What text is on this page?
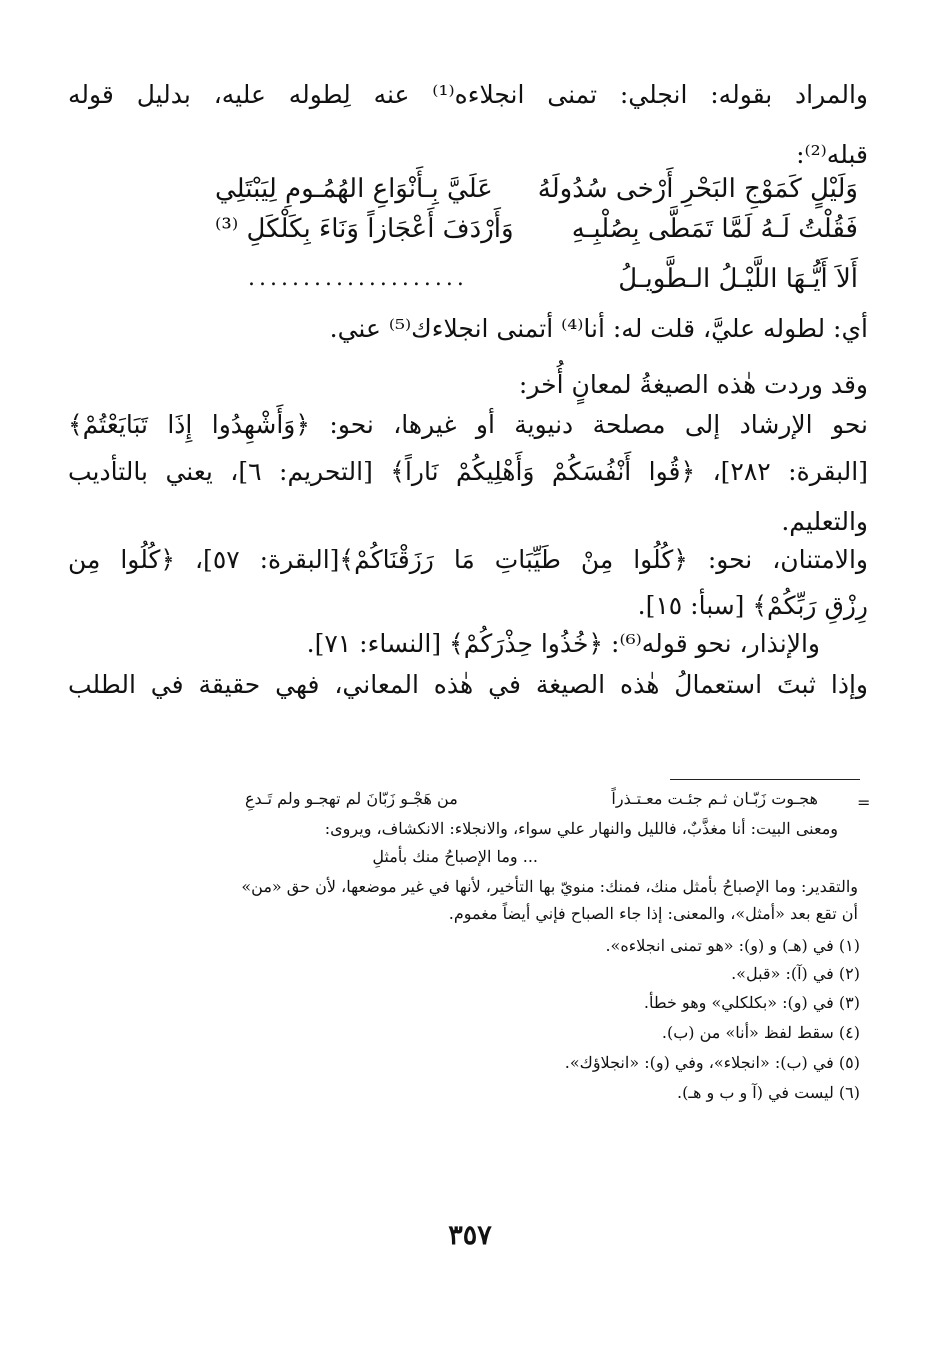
والمراد بقوله: انجلي: تمنى انجلاءه⁽¹⁾ عنه لِطوله عليه، بدليل قوله
قبله⁽²⁾:
وَلَيْلٍ كَمَوْجِ البَحْرِ أَرْخى سُدُولَهُ
عَلَيَّ بِـأَنْوَاعِ الهُمُـومِ لِيَبْتَلِي
فَقُلْتُ لَـهُ لَمَّا تَمَطَّى بِصُلْبِـهِ
وَأَرْدَفَ أَعْجَازاً وَنَاءَ بِكَلْكَلِ ⁽³⁾
أَلاَ أَيُّـهَا اللَّيْـلُ الـطَّويـلُ
....................
أي: لطوله عليَّ، قلت له: أنا⁽⁴⁾ أتمنى انجلاءك⁽⁵⁾ عني.
وقد وردت هٰذه الصيغةُ لمعانٍ أُخر:
نحو الإرشاد إلى مصلحة دنيوية أو غيرها، نحو: ﴿وَأَشْهِدُوا إِذَا تَبَايَعْتُمْ﴾
[البقرة: ٢٨٢]، ﴿قُوا أَنْفُسَكُمْ وَأَهْلِيكُمْ نَاراً﴾ [التحريم: ٦]، يعني بالتأديب
والتعليم.
والامتنان، نحو: ﴿كُلُوا مِنْ طَيِّبَاتِ مَا رَزَقْنَاكُمْ﴾[البقرة: ٥٧]، ﴿كُلُوا مِن
رِزْقِ رَبِّكُمْ﴾ [سبأ: ١٥].
والإنذار، نحو قوله⁽⁶⁾: ﴿خُذُوا حِذْرَكُمْ﴾ [النساء: ٧١].
وإذا ثبتَ استعمالُ هٰذه الصيغة في هٰذه المعاني، فهي حقيقة في الطلب
=
هجـوت زَبّـان ثـم جئـت معـتـذراً
من هَجْـو زَبّانَ لم تهجـو ولم تَـدعِ
ومعنى البيت: أنا مغذَّبٌ، فالليل والنهار علي سواء، والانجلاء: الانكشاف، ويروى:
... وما الإصباحُ منك بأمثلِ
والتقدير: وما الإصباحُ بأمثل منك، فمنك: منويّ بها التأخير، لأنها في غير موضعها، لأن حق «من»
أن تقع بعد «أمثل»، والمعنى: إذا جاء الصباح فإني أيضاً مغموم.
(١) في (هـ) و (و): «هو تمنى انجلاءه».
(٢) في (آ): «قبل».
(٣) في (و): «بكلكلي» وهو خطأ.
(٤) سقط لفظ «أنا» من (ب).
(٥) في (ب): «انجلاء»، وفي (و): «انجلاؤك».
(٦) ليست في (آ و ب و هـ).
٣٥٧
